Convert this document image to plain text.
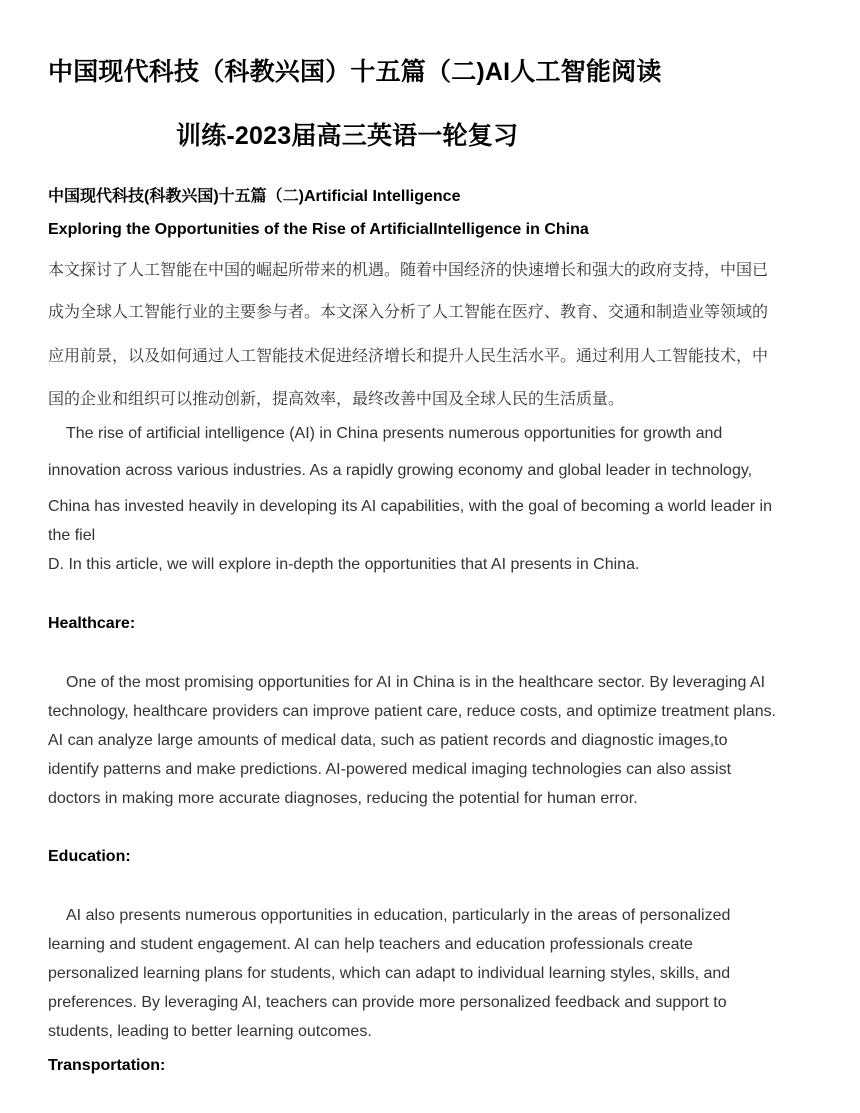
中国现代科技（科教兴国）十五篇（二)AI人工智能阅读
训练-2023届高三英语一轮复习
中国现代科技(科教兴国)十五篇（二)Artificial Intelligence
Exploring the Opportunities of the Rise of ArtificialIntelligence in China
本文探讨了人工智能在中国的崛起所带来的机遇。随着中国经济的快速增长和强大的政府支持，中国已
成为全球人工智能行业的主要参与者。本文深入分析了人工智能在医疗、教育、交通和制造业等领域的
应用前景，以及如何通过人工智能技术促进经济增长和提升人民生活水平。通过利用人工智能技术，中
国的企业和组织可以推动创新，提高效率，最终改善中国及全球人民的生活质量。
The rise of artificial intelligence (AI) in China presents numerous opportunities for growth and
innovation across various industries. As a rapidly growing economy and global leader in technology,
China has invested heavily in developing its AI capabilities, with the goal of becoming a world leader in
the fiel
D. In this article, we will explore in-depth the opportunities that AI presents in China.
Healthcare:
One of the most promising opportunities for AI in China is in the healthcare sector. By leveraging AI
technology, healthcare providers can improve patient care, reduce costs, and optimize treatment plans.
AI can analyze large amounts of medical data, such as patient records and diagnostic images,to
identify patterns and make predictions. AI-powered medical imaging technologies can also assist
doctors in making more accurate diagnoses, reducing the potential for human error.
Education:
AI also presents numerous opportunities in education, particularly in the areas of personalized
learning and student engagement. AI can help teachers and education professionals create
personalized learning plans for students, which can adapt to individual learning styles, skills, and
preferences. By leveraging AI, teachers can provide more personalized feedback and support to
students, leading to better learning outcomes.
Transportation:
